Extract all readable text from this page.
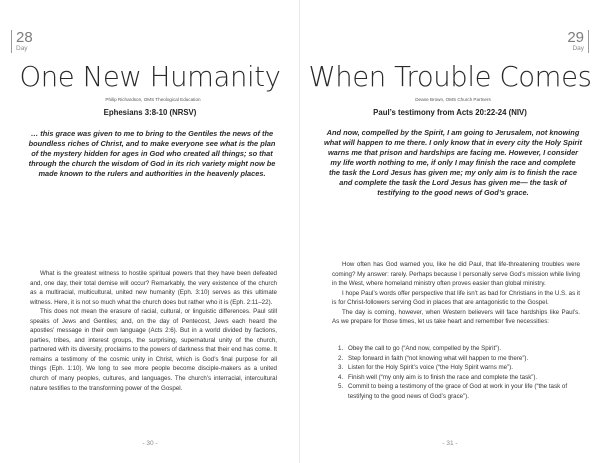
28
Day
One New Humanity
Philip Richardson, OMS Theological Education
Ephesians 3:8-10 (NRSV)
… this grace was given to me to bring to the Gentiles the news of the boundless riches of Christ, and to make everyone see what is the plan of the mystery hidden for ages in God who created all things; so that through the church the wisdom of God in its rich variety might now be made known to the rulers and authorities in the heavenly places.

What is the greatest witness to hostile spiritual powers that they have been defeated and, one day, their total demise will occur? Remarkably, the very existence of the church as a multiracial, multicultural, united new humanity (Eph. 3:10) serves as this ultimate witness. Here, it is not so much what the church does but rather who it is (Eph. 2:11–22).

This does not mean the erasure of racial, cultural, or linguistic differences. Paul still speaks of Jews and Gentiles; and, on the day of Pentecost, Jews each heard the apostles’ message in their own language (Acts 2:6). But in a world divided by factions, parties, tribes, and interest groups, the surprising, supernatural unity of the church, partnered with its diversity, proclaims to the powers of darkness that their end has come. It remains a testimony of the cosmic unity in Christ, which is God’s final purpose for all things (Eph. 1:10). We long to see more people become disciple-makers as a united church of many peoples, cultures, and languages. The church’s interracial, intercultural nature testifies to the transforming power of the Gospel.

- 30 -
29
Day
When Trouble Comes
Deane Brown, OMS Church Partners
Paul’s testimony from Acts 20:22-24 (NIV)
And now, compelled by the Spirit, I am going to Jerusalem, not knowing what will happen to me there. I only know that in every city the Holy Spirit warns me that prison and hardships are facing me. However, I consider my life worth nothing to me, if only I may finish the race and complete the task the Lord Jesus has given me; my only aim is to finish the race and complete the task the Lord Jesus has given me— the task of testifying to the good news of God’s grace.

How often has God warned you, like he did Paul, that life-threatening troubles were coming? My answer: rarely. Perhaps because I personally serve God’s mission while living in the West, where homeland ministry often proves easier than global ministry.

I hope Paul’s words offer perspective that life isn’t as bad for Christians in the U.S. as it is for Christ-followers serving God in places that are antagonistic to the Gospel.

The day is coming, however, when Western believers will face hardships like Paul’s. As we prepare for those times, let us take heart and remember five necessities:

1. Obey the call to go (“And now, compelled by the Spirit”).
2. Step forward in faith (“not knowing what will happen to me there”).
3. Listen for the Holy Spirit’s voice (“the Holy Spirit warns me”).
4. Finish well (“my only aim is to finish the race and complete the task”).
5. Commit to being a testimony of the grace of God at work in your life (“the task of testifying to the good news of God’s grace”).
- 31 -
